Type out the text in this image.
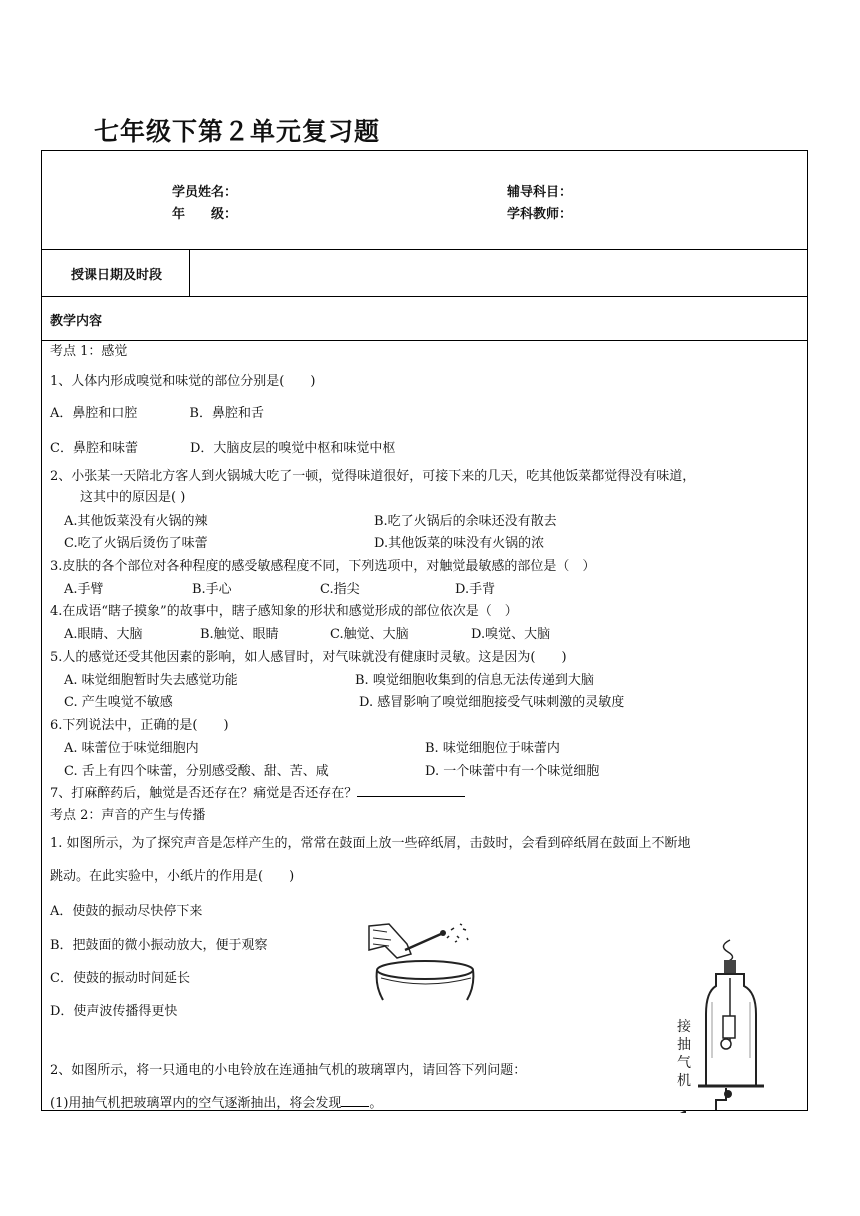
七年级下第２单元复习题
学员姓名：	辅导科目：
年　　级：	学科教师：
授课日期及时段
教学内容
考点 1：感觉
1、人体内形成嗅觉和味觉的部位分别是(　　)
A．鼻腔和口腔　　　　B．鼻腔和舌
C．鼻腔和味蕾　　　　D．大脑皮层的嗅觉中枢和味觉中枢
2、小张某一天陪北方客人到火锅城大吃了一顿，觉得味道很好，可接下来的几天，吃其他饭菜都觉得没有味道，
这其中的原因是( )
A.其他饭菜没有火锅的辣	B.吃了火锅后的余味还没有散去
C.吃了火锅后烫伤了味蕾	D.其他饭菜的味没有火锅的浓
3.皮肤的各个部位对各种程度的感受敏感程度不同，下列选项中，对触觉最敏感的部位是（　）
A.手臂	B.手心	C.指尖	D.手背
4.在成语“瞎子摸象”的故事中，瞎子感知象的形状和感觉形成的部位依次是（　）
A.眼睛、大脑	B.触觉、眼睛	C.触觉、大脑	D.嗅觉、大脑
5.人的感觉还受其他因素的影响，如人感冒时，对气味就没有健康时灵敏。这是因为(　　)
A. 味觉细胞暂时失去感觉功能	B. 嗅觉细胞收集到的信息无法传递到大脑
C. 产生嗅觉不敏感	D. 感冒影响了嗅觉细胞接受气味刺激的灵敏度
6.下列说法中，正确的是(　　)
A. 味蕾位于味觉细胞内	B. 味觉细胞位于味蕾内
C. 舌上有四个味蕾，分别感受酸、甜、苦、咸	D. 一个味蕾中有一个味觉细胞
7、打麻醉药后，触觉是否还存在？痛觉是否还存在？
考点 2：声音的产生与传播
1. 如图所示，为了探究声音是怎样产生的，常常在鼓面上放一些碎纸屑，击鼓时，会看到碎纸屑在鼓面上不断地
跳动。在此实验中，小纸片的作用是(　　)
A．使鼓的振动尽快停下来
B．把鼓面的微小振动放大，便于观察
C．使鼓的振动时间延长
D．使声波传播得更快
2、如图所示，将一只通电的小电铃放在连通抽气机的玻璃罩内，请回答下列问题：
(1)用抽气机把玻璃罩内的空气逐渐抽出，将会发现 。
接抽气机
